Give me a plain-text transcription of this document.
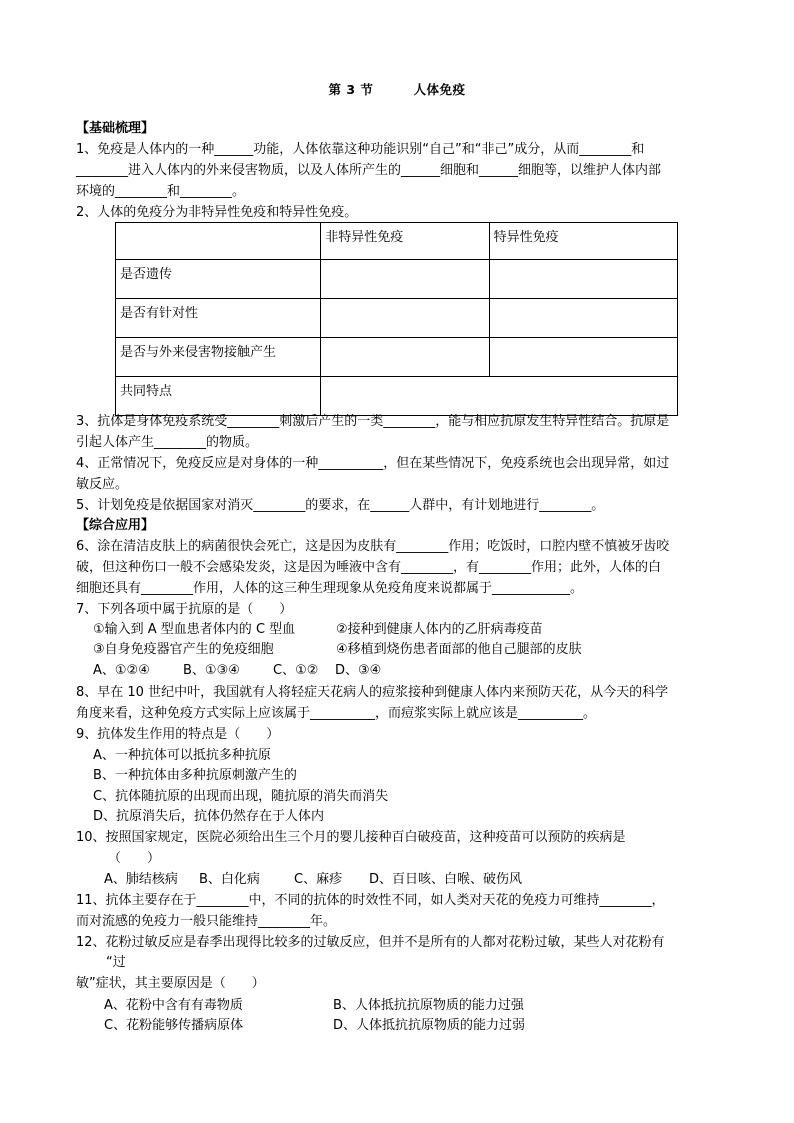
第 3 节	人体免疫
【基础梳理】
1、免疫是人体内的一种______功能，人体依靠这种功能识别“自己”和“非己”成分，从而________和
________进入人体内的外来侵害物质，以及人体所产生的______细胞和______细胞等，以维护人体内部
环境的________和________。
2、人体的免疫分为非特异性免疫和特异性免疫。
	非特异性免疫	特异性免疫
是否遗传		
是否有针对性		
是否与外来侵害物接触产生		
共同特点		
3、抗体是身体免疫系统受________刺激后产生的一类________，能与相应抗原发生特异性结合。抗原是
引起人体产生________的物质。
4、正常情况下，免疫反应是对身体的一种__________，但在某些情况下，免疫系统也会出现异常，如过
敏反应。
5、计划免疫是依据国家对消灭________的要求，在______人群中，有计划地进行________。
【综合应用】
6、涂在清洁皮肤上的病菌很快会死亡，这是因为皮肤有________作用；吃饭时，口腔内壁不慎被牙齿咬
破，但这种伤口一般不会感染发炎，这是因为唾液中含有________，有________作用；此外，人体的白
细胞还具有________作用，人体的这三种生理现象从免疫角度来说都属于____________。
7、下列各项中属于抗原的是（　　）
①输入到 A 型血患者体内的 C 型血	②接种到健康人体内的乙肝病毒疫苗
③自身免疫器官产生的免疫细胞	④移植到烧伤患者面部的他自己腿部的皮肤
A、①②④	B、①③④	C、①② D、③④
8、早在 10 世纪中叶，我国就有人将轻症天花病人的痘浆接种到健康人体内来预防天花，从今天的科学
角度来看，这种免疫方式实际上应该属于__________，而痘浆实际上就应该是__________。
9、抗体发生作用的特点是（　　）
A、一种抗体可以抵抗多种抗原
B、一种抗体由多种抗原刺激产生的
C、抗体随抗原的出现而出现，随抗原的消失而消失
D、抗原消失后，抗体仍然存在于人体内
10、按照国家规定，医院必须给出生三个月的婴儿接种百白破疫苗，这种疫苗可以预防的疾病是
（　　）
A、肺结核病 B、白化病	C、麻疹 D、百日咳、白喉、破伤风
11、抗体主要存在于________中，不同的抗体的时效性不同，如人类对天花的免疫力可维持________，
而对流感的免疫力一般只能维持________年。
12、花粉过敏反应是春季出现得比较多的过敏反应，但并不是所有的人都对花粉过敏，某些人对花粉有
“过
敏”症状，其主要原因是（　　）
A、花粉中含有有毒物质	B、人体抵抗抗原物质的能力过强
C、花粉能够传播病原体	D、人体抵抗抗原物质的能力过弱
